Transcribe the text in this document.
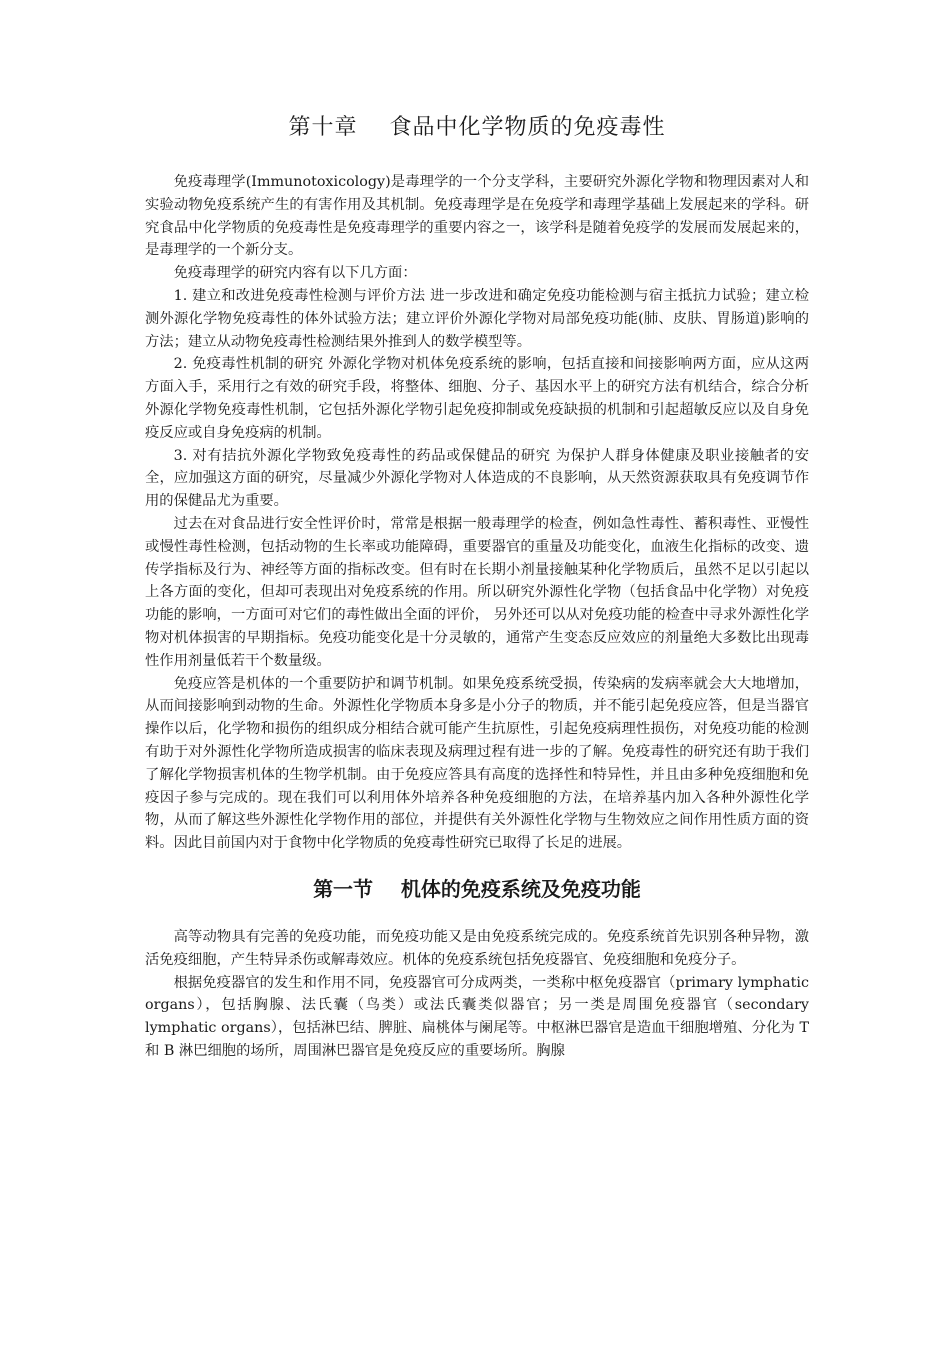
第十章    食品中化学物质的免疫毒性

免疫毒理学(Immunotoxicology)是毒理学的一个分支学科，主要研究外源化学物和物理因素对人和实验动物免疫系统产生的有害作用及其机制。免疫毒理学是在免疫学和毒理学基础上发展起来的学科。研究食品中化学物质的免疫毒性是免疫毒理学的重要内容之一，该学科是随着免疫学的发展而发展起来的，是毒理学的一个新分支。

免疫毒理学的研究内容有以下几方面：

1. 建立和改进免疫毒性检测与评价方法 进一步改进和确定免疫功能检测与宿主抵抗力试验；建立检测外源化学物免疫毒性的体外试验方法；建立评价外源化学物对局部免疫功能(肺、皮肤、胃肠道)影响的方法；建立从动物免疫毒性检测结果外推到人的数学模型等。

2. 免疫毒性机制的研究 外源化学物对机体免疫系统的影响，包括直接和间接影响两方面，应从这两方面入手，采用行之有效的研究手段，将整体、细胞、分子、基因水平上的研究方法有机结合，综合分析外源化学物免疫毒性机制，它包括外源化学物引起免疫抑制或免疫缺损的机制和引起超敏反应以及自身免疫反应或自身免疫病的机制。

3. 对有拮抗外源化学物致免疫毒性的药品或保健品的研究 为保护人群身体健康及职业接触者的安全，应加强这方面的研究，尽量减少外源化学物对人体造成的不良影响，从天然资源获取具有免疫调节作用的保健品尤为重要。

过去在对食品进行安全性评价时，常常是根据一般毒理学的检查，例如急性毒性、蓄积毒性、亚慢性或慢性毒性检测，包括动物的生长率或功能障碍，重要器官的重量及功能变化，血液生化指标的改变、遗传学指标及行为、神经等方面的指标改变。但有时在长期小剂量接触某种化学物质后，虽然不足以引起以上各方面的变化，但却可表现出对免疫系统的作用。所以研究外源性化学物（包括食品中化学物）对免疫功能的影响，一方面可对它们的毒性做出全面的评价， 另外还可以从对免疫功能的检查中寻求外源性化学物对机体损害的早期指标。免疫功能变化是十分灵敏的，通常产生变态反应效应的剂量绝大多数比出现毒性作用剂量低若干个数量级。

免疫应答是机体的一个重要防护和调节机制。如果免疫系统受损，传染病的发病率就会大大地增加，从而间接影响到动物的生命。外源性化学物质本身多是小分子的物质，并不能引起免疫应答，但是当器官操作以后，化学物和损伤的组织成分相结合就可能产生抗原性，引起免疫病理性损伤，对免疫功能的检测有助于对外源性化学物所造成损害的临床表现及病理过程有进一步的了解。免疫毒性的研究还有助于我们了解化学物损害机体的生物学机制。由于免疫应答具有高度的选择性和特异性，并且由多种免疫细胞和免疫因子参与完成的。现在我们可以利用体外培养各种免疫细胞的方法，在培养基内加入各种外源性化学物，从而了解这些外源性化学物作用的部位，并提供有关外源性化学物与生物效应之间作用性质方面的资料。因此目前国内对于食物中化学物质的免疫毒性研究已取得了长足的进展。

第一节    机体的免疫系统及免疫功能

高等动物具有完善的免疫功能，而免疫功能又是由免疫系统完成的。免疫系统首先识别各种异物，激活免疫细胞，产生特异杀伤或解毒效应。机体的免疫系统包括免疫器官、免疫细胞和免疫分子。

根据免疫器官的发生和作用不同，免疫器官可分成两类，一类称中枢免疫器官（primary lymphatic organs），包括胸腺、法氏囊（鸟类）或法氏囊类似器官；另一类是周围免疫器官（secondary lymphatic organs），包括淋巴结、脾脏、扁桃体与阑尾等。中枢淋巴器官是造血干细胞增殖、分化为 T 和 B 淋巴细胞的场所，周围淋巴器官是免疫反应的重要场所。胸腺
